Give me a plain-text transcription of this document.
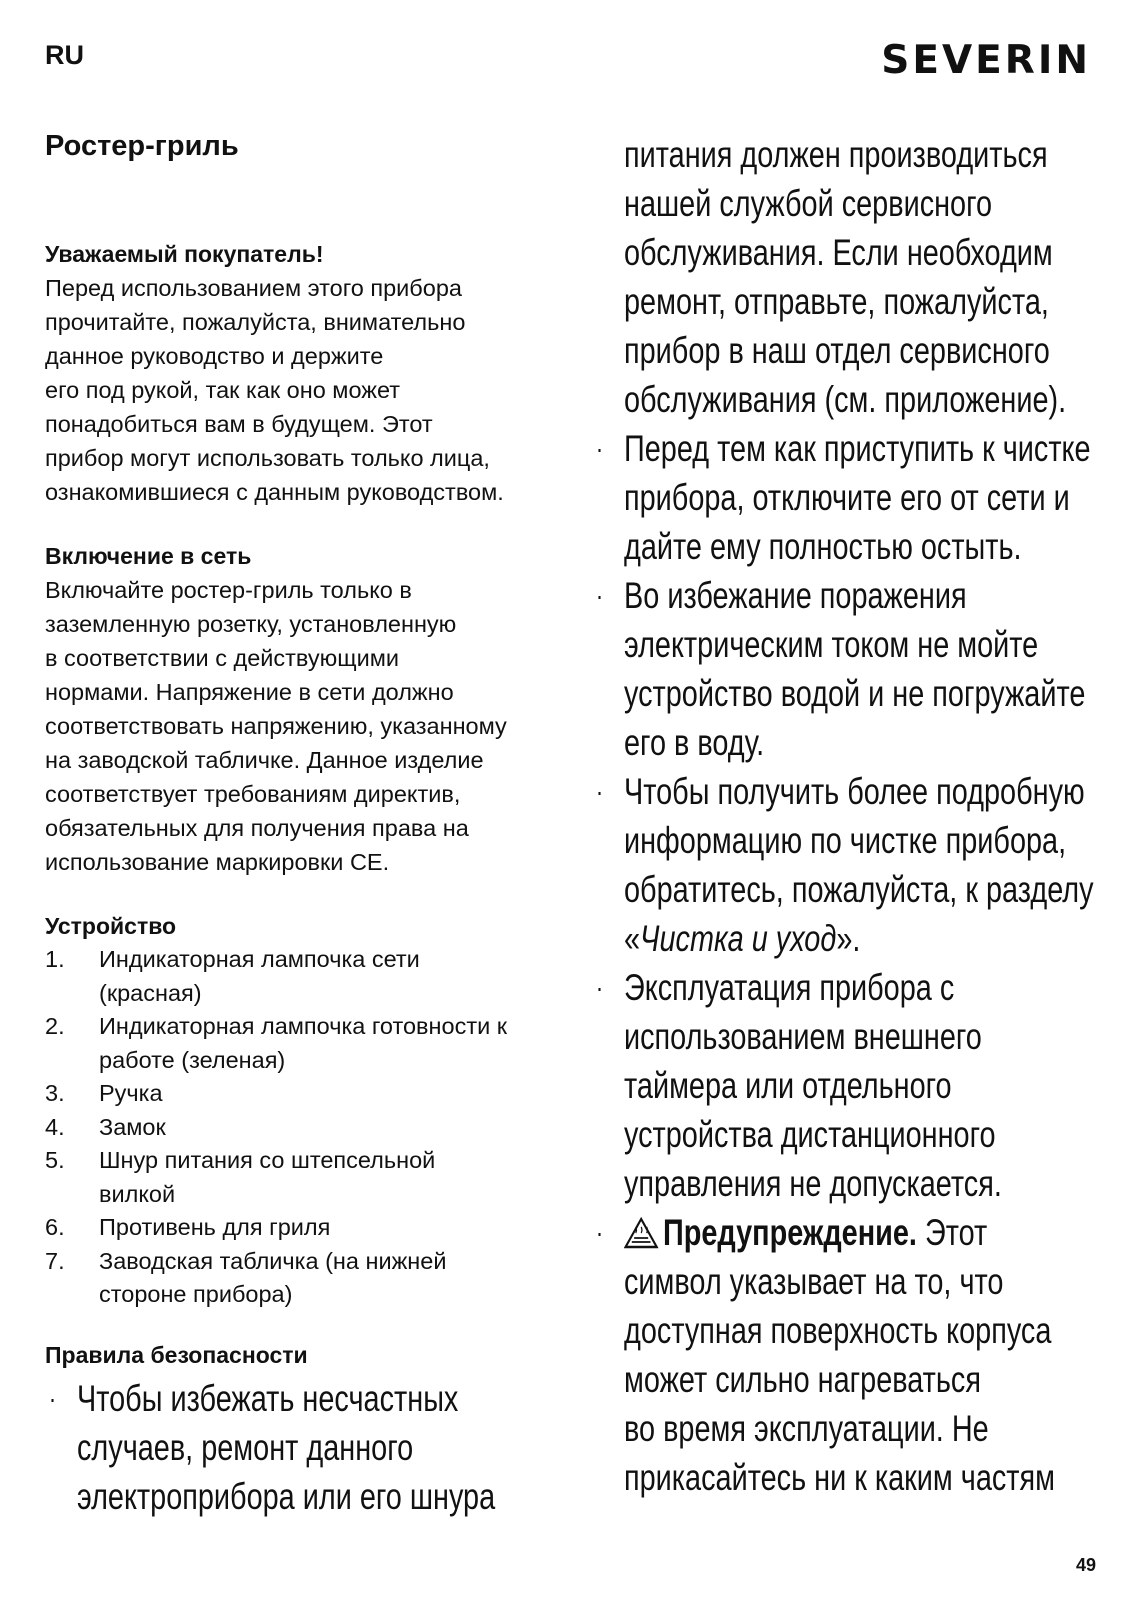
RU	SEVERIN
Ростер-гриль
Уважаемый покупатель!

Перед использованием этого прибора

прочитайте, пожалуйста, внимательно

данное руководство и держите

его под рукой, так как оно может

понадобиться вам в будущем. Этот

прибор могут использовать только лица,

ознакомившиеся с данным руководством.

Включение в сеть

Включайте ростер-гриль только в

заземленную розетку, установленную

в соответствии с действующими

нормами. Напряжение в сети должно

соответствовать напряжению, указанному

на заводской табличке. Данное изделие

соответствует требованиям директив,

обязательных для получения права на

использование маркировки CE.

Устройство
1.	Индикаторная лампочка сети

(красная)

2.	Индикаторная лампочка готовности к

работе (зеленая)

3.	Ручка

4.	Замок

5.	Шнур питания со штепсельной

вилкой

6.	Противень для гриля

7.	Заводская табличка (на нижней

стороне прибора)

Правила безопасности
· Чтобы избежать несчастных

случаев, ремонт данного

электроприбора или его шнура

питания должен производиться

нашей службой сервисного

обслуживания. Если необходим

ремонт, отправьте, пожалуйста,

прибор в наш отдел сервисного

обслуживания (см. приложение).

· Перед тем как приступить к чистке

прибора, отключите его от сети и

дайте ему полностью остыть.

· Во избежание поражения

электрическим током не мойте

устройство водой и не погружайте

его в воду.

· Чтобы получить более подробную

информацию по чистке прибора,

обратитесь, пожалуйста, к разделу

«Чистка и уход».

· Эксплуатация прибора с

использованием внешнего

таймера или отдельного

устройства дистанционного

управления не допускается.

·	Предупреждение. Этот

символ указывает на то, что

доступная поверхность корпуса

может сильно нагреваться

во время эксплуатации. Не

прикасайтесь ни к каким частям

49
